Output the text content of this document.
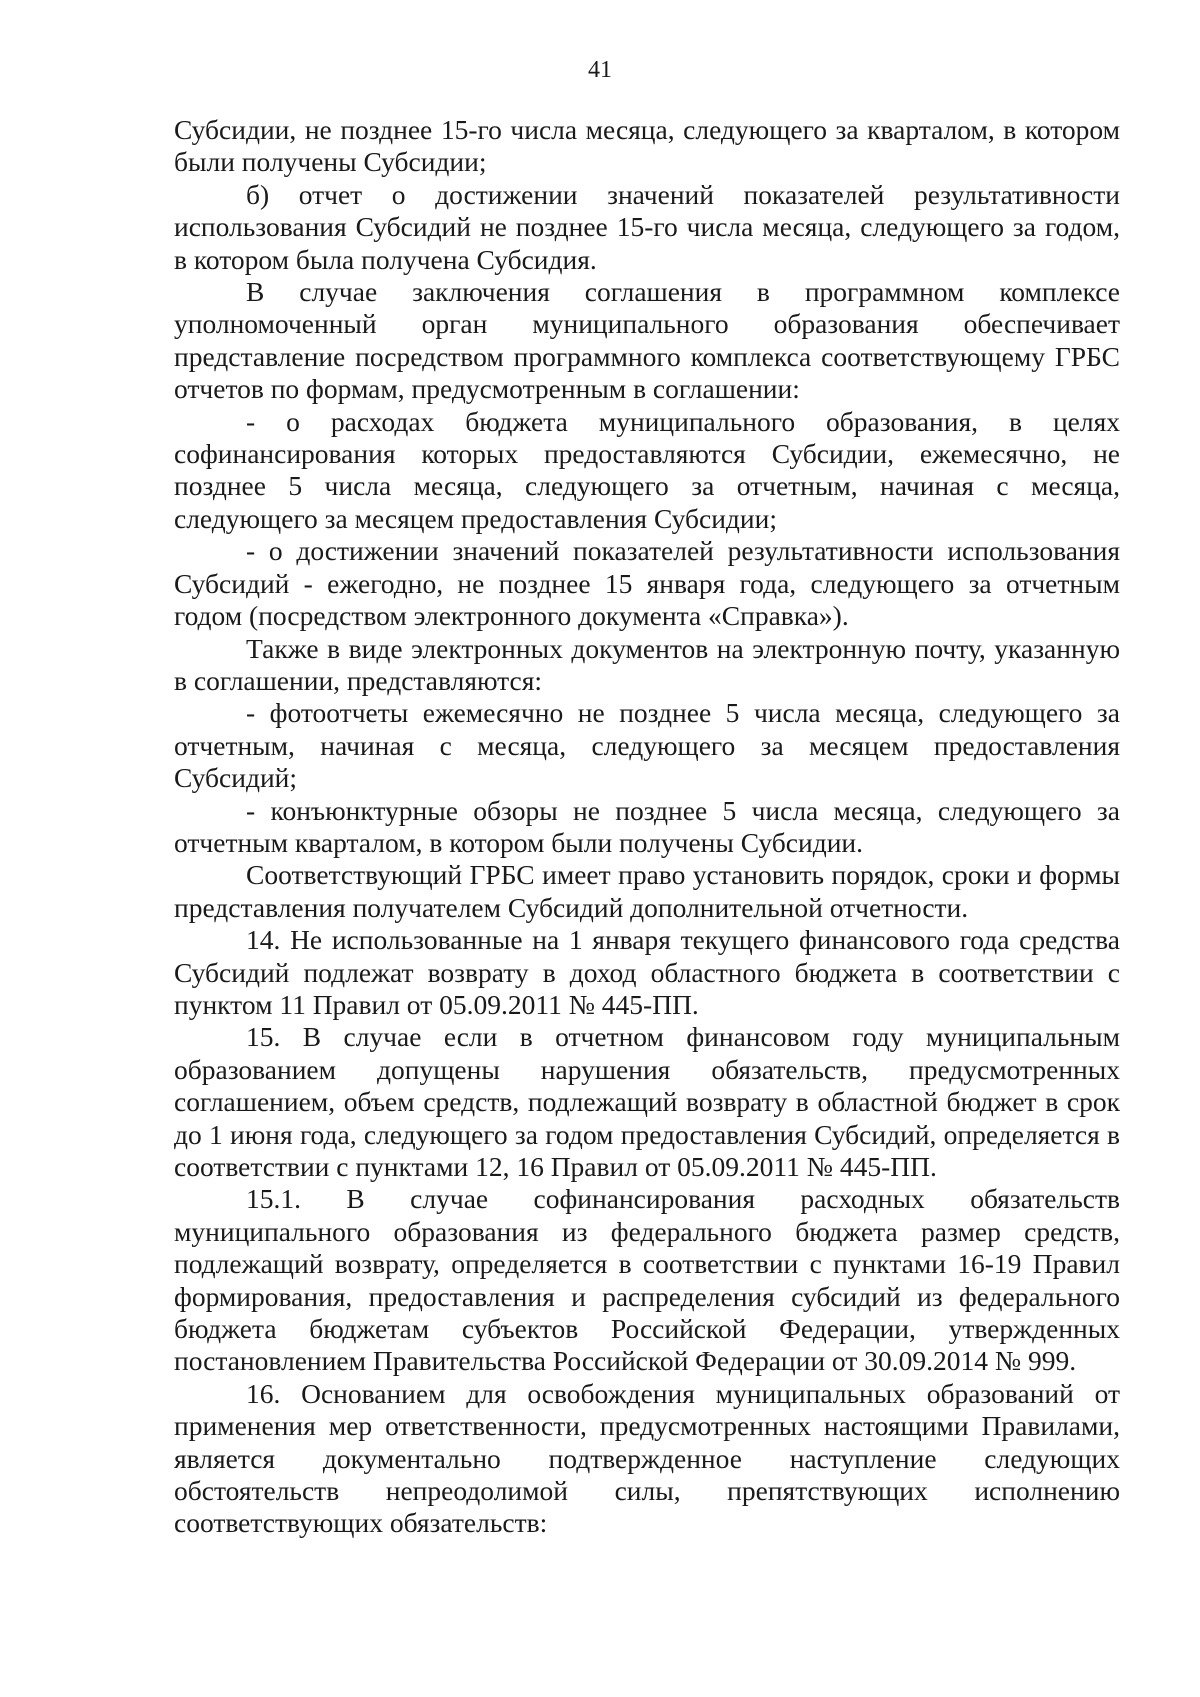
41

Субсидии, не позднее 15-го числа месяца, следующего за кварталом, в котором были получены Субсидии;

б) отчет о достижении значений показателей результативности использования Субсидий не позднее 15-го числа месяца, следующего за годом, в котором была получена Субсидия.

В случае заключения соглашения в программном комплексе уполномоченный орган муниципального образования обеспечивает представление посредством программного комплекса соответствующему ГРБС отчетов по формам, предусмотренным в соглашении:

- о расходах бюджета муниципального образования, в целях софинансирования которых предоставляются Субсидии, ежемесячно, не позднее 5 числа месяца, следующего за отчетным, начиная с месяца, следующего за месяцем предоставления Субсидии;

- о достижении значений показателей результативности использования Субсидий - ежегодно, не позднее 15 января года, следующего за отчетным годом (посредством электронного документа «Справка»).

Также в виде электронных документов на электронную почту, указанную в соглашении, представляются:

- фотоотчеты ежемесячно не позднее 5 числа месяца, следующего за отчетным, начиная с месяца, следующего за месяцем предоставления Субсидий;

- конъюнктурные обзоры не позднее 5 числа месяца, следующего за отчетным кварталом, в котором были получены Субсидии.

Соответствующий ГРБС имеет право установить порядок, сроки и формы представления получателем Субсидий дополнительной отчетности.

14. Не использованные на 1 января текущего финансового года средства Субсидий подлежат возврату в доход областного бюджета в соответствии с пунктом 11 Правил от 05.09.2011 № 445-ПП.

15. В случае если в отчетном финансовом году муниципальным образованием допущены нарушения обязательств, предусмотренных соглашением, объем средств, подлежащий возврату в областной бюджет в срок до 1 июня года, следующего за годом предоставления Субсидий, определяется в соответствии с пунктами 12, 16 Правил от 05.09.2011 № 445-ПП.

15.1. В случае софинансирования расходных обязательств муниципального образования из федерального бюджета размер средств, подлежащий возврату, определяется в соответствии с пунктами 16-19 Правил формирования, предоставления и распределения субсидий из федерального бюджета бюджетам субъектов Российской Федерации, утвержденных постановлением Правительства Российской Федерации от 30.09.2014 № 999.

16. Основанием для освобождения муниципальных образований от применения мер ответственности, предусмотренных настоящими Правилами, является документально подтвержденное наступление следующих обстоятельств непреодолимой силы, препятствующих исполнению соответствующих обязательств:
